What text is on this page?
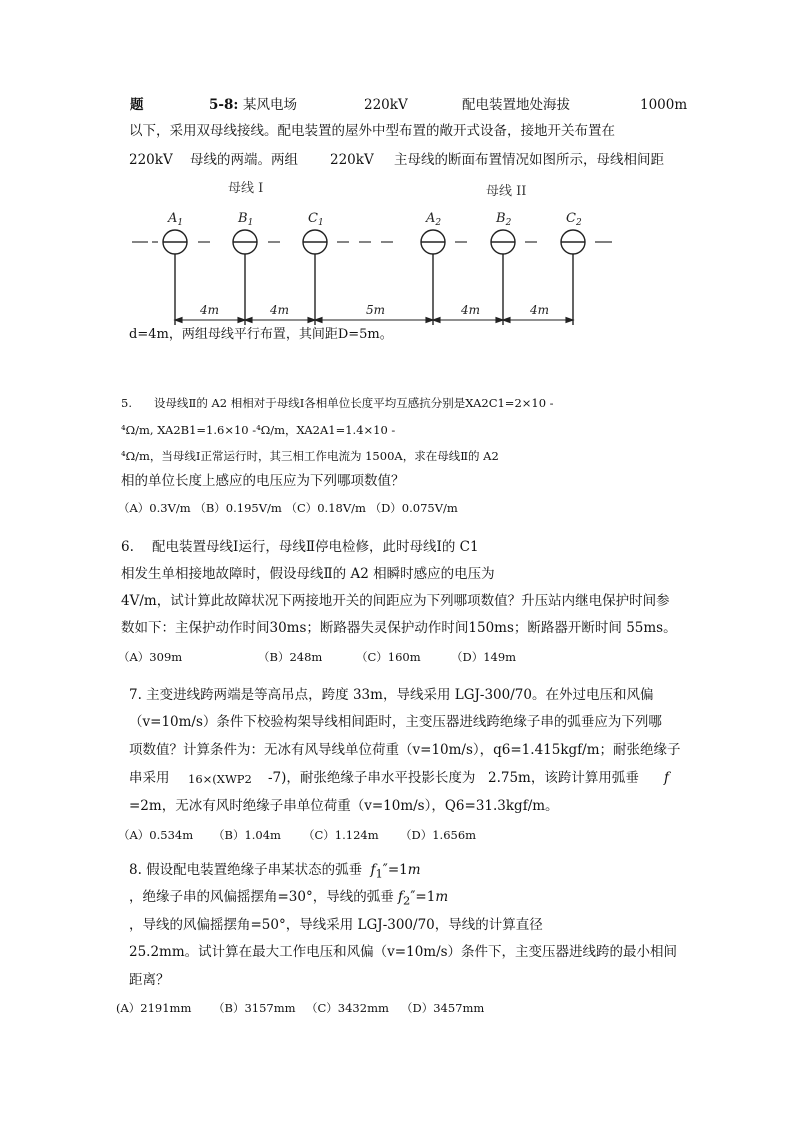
题	5-8: 某风电场	220kV	配电装置地处海拔	1000m
以下，采用双母线接线。配电装置的屋外中型布置的敞开式设备，接地开关布置在
220kV 母线的两端。两组 220kV 主母线的断面布置情况如图所示，母线相间距
母线 I	母线 II
$A_1$	$B_1$	$C_1$	$A_2$	$B_2$	$C_2$
4m	4m	5m	4m	4m
d=4m，两组母线平行布置，其间距D=5m。
5. 设母线Ⅱ的 A2 相相对于母线Ⅰ各相单位长度平均互感抗分别是XA2C1=2×10 -
⁴Ω/m, XA2B1=1.6×10 -⁴Ω/m，XA2A1=1.4×10 -
⁴Ω/m，当母线Ⅰ正常运行时，其三相工作电流为 1500A，求在母线Ⅱ的 A2
相的单位长度上感应的电压应为下列哪项数值？
（A）0.3V/m （B）0.195V/m （C）0.18V/m （D）0.075V/m
6. 配电装置母线Ⅰ运行，母线Ⅱ停电检修，此时母线Ⅰ的 C1
相发生单相接地故障时，假设母线Ⅱ的 A2 相瞬时感应的电压为
4V/m，试计算此故障状况下两接地开关的间距应为下列哪项数值？升压站内继电保护时间参
数如下：主保护动作时间30ms；断路器失灵保护动作时间150ms；断路器开断时间 55ms。
（A）309m	（B）248m	（C）160m	（D）149m
7. 主变进线跨两端是等高吊点，跨度 33m，导线采用 LGJ-300/70。在外过电压和风偏
（v=10m/s）条件下校验构架导线相间距时，主变压器进线跨绝缘子串的弧垂应为下列哪
项数值？计算条件为：无冰有风导线单位荷重（v=10m/s），q6=1.415kgf/m；耐张绝缘子
串采用 16×(XWP2 -7)，耐张绝缘子串水平投影长度为 2.75m，该跨计算用弧垂 f
=2m，无冰有风时绝缘子串单位荷重（v=10m/s），Q6=31.3kgf/m。
（A）0.534m （B）1.04m （C）1.124m （D）1.656m
8. 假设配电装置绝缘子串某状态的弧垂 $f_1''=1m$
，绝缘子串的风偏摇摆角=30°，导线的弧垂 $f_2''=1m$
，导线的风偏摇摆角=50°，导线采用 LGJ-300/70，导线的计算直径
25.2mm。试计算在最大工作电压和风偏（v=10m/s）条件下，主变压器进线跨的最小相间
距离？
(A）2191mm （B）3157mm （C）3432mm （D）3457mm
